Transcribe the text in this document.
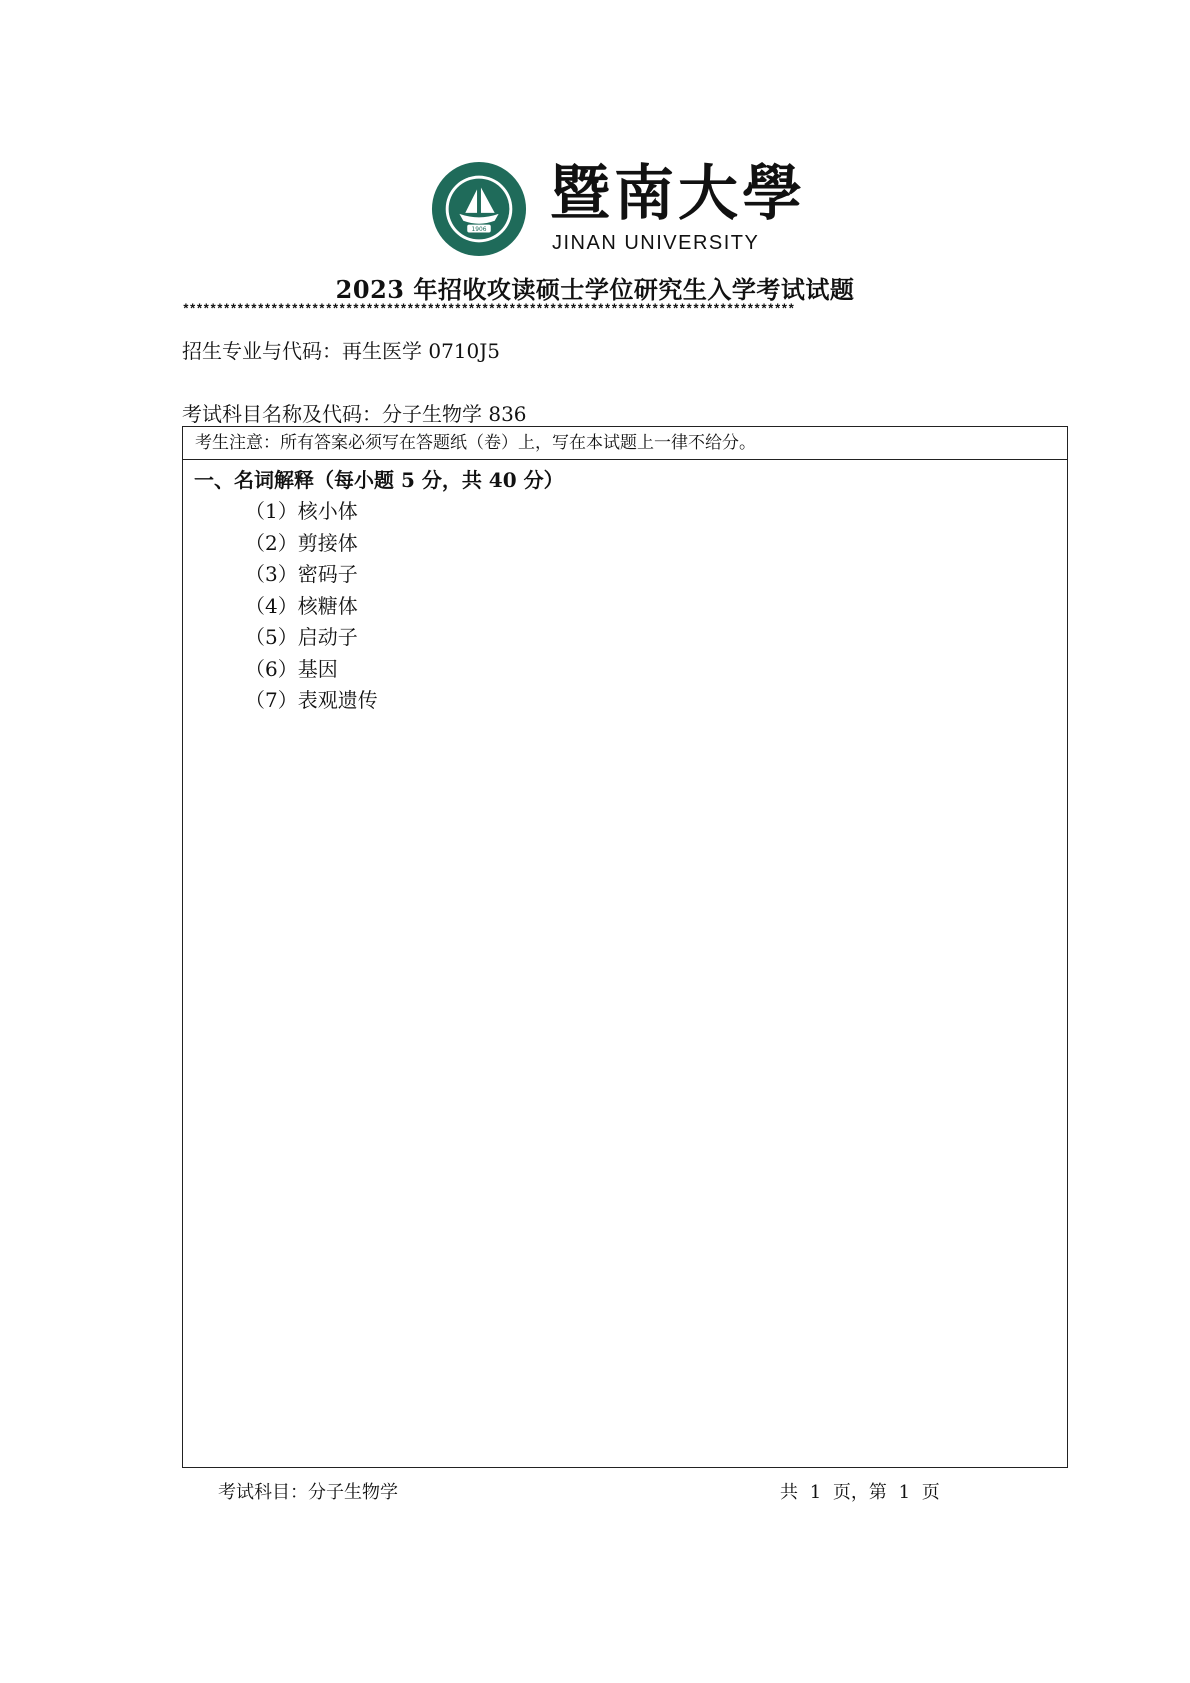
1906
暨南大學
JINAN UNIVERSITY
2023 年招收攻读硕士学位研究生入学考试试题
******************************************************************************************
招生专业与代码：再生医学 0710J5
考试科目名称及代码：分子生物学 836
考生注意：所有答案必须写在答题纸（卷）上，写在本试题上一律不给分。
一、名词解释（每小题 5 分，共 40 分）
（1）核小体
（2）剪接体
（3）密码子
（4）核糖体
（5）启动子
（6）基因
（7）表观遗传
考试科目：分子生物学	共 1 页，第 1 页
